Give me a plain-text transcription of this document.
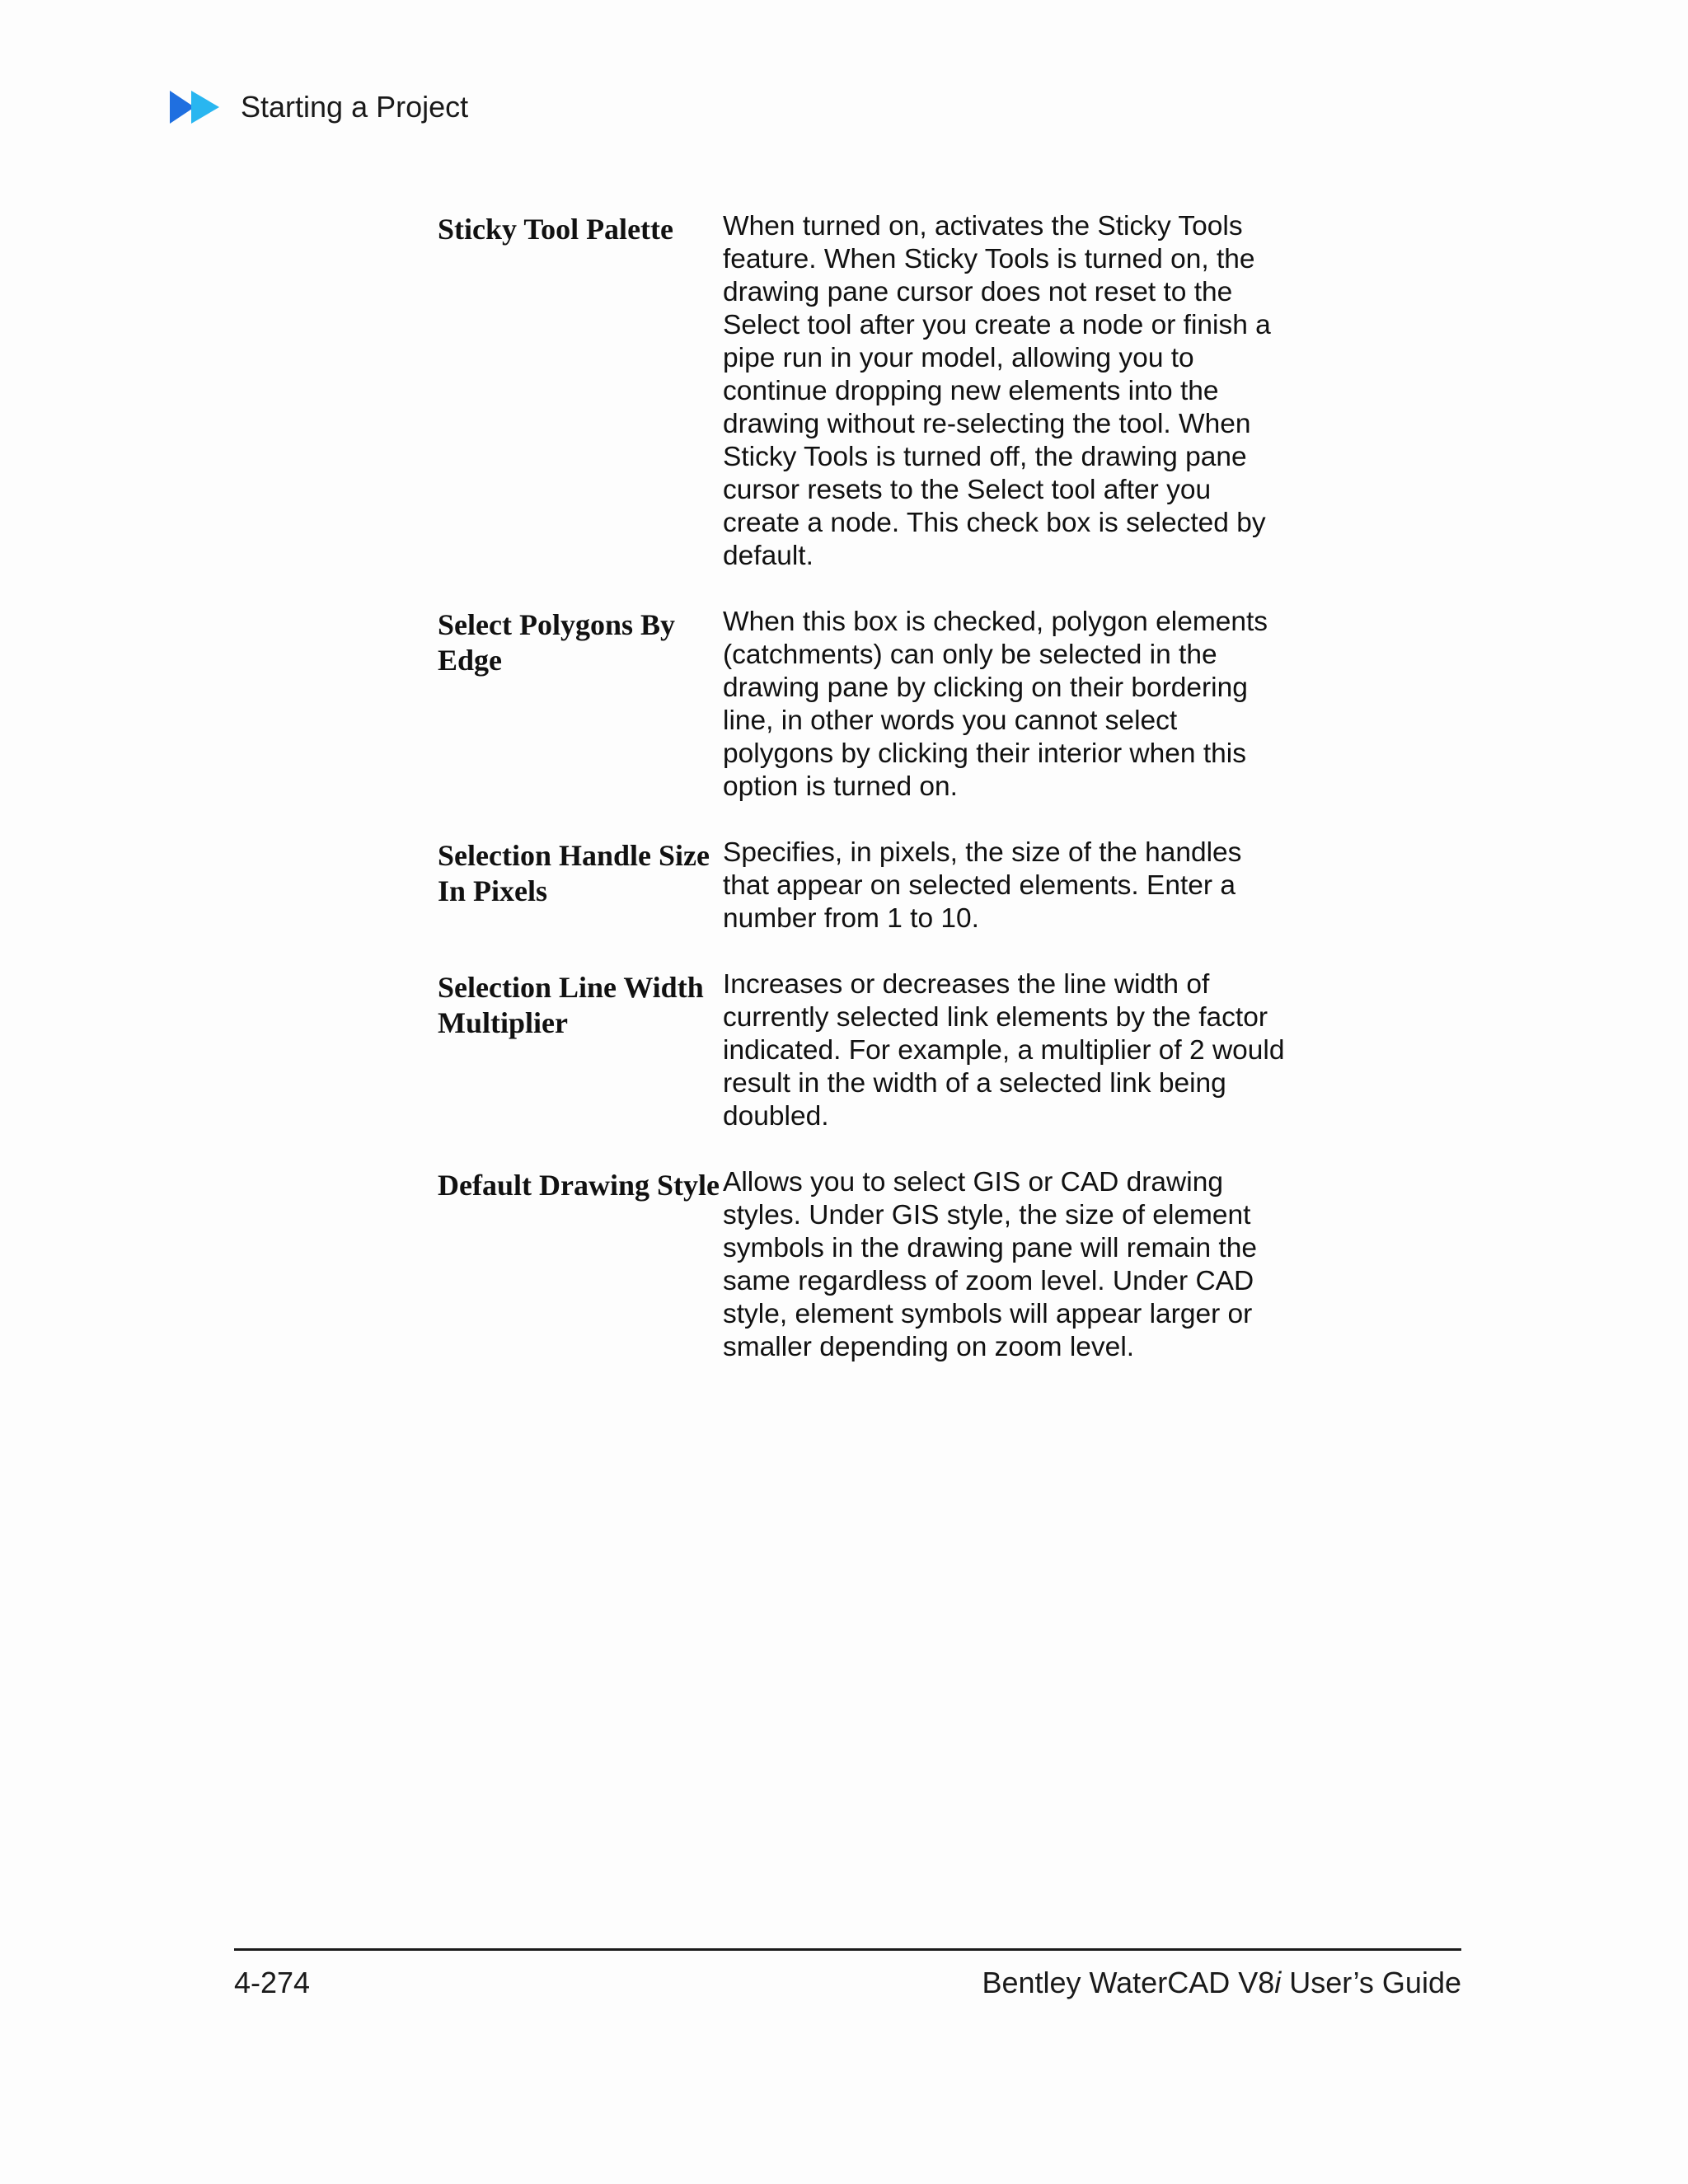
Starting a Project
Sticky Tool Palette	When turned on, activates the Sticky Tools feature. When Sticky Tools is turned on, the drawing pane cursor does not reset to the Select tool after you create a node or finish a pipe run in your model, allowing you to continue dropping new elements into the drawing without re-selecting the tool. When Sticky Tools is turned off, the drawing pane cursor resets to the Select tool after you create a node. This check box is selected by default.
Select Polygons By Edge
When this box is checked, polygon elements (catchments) can only be selected in the drawing pane by clicking on their bordering line, in other words you cannot select polygons by clicking their interior when this option is turned on.
Selection Handle Size In Pixels
Specifies, in pixels, the size of the handles that appear on selected elements. Enter a number from 1 to 10.
Selection Line Width Multiplier
Increases or decreases the line width of currently selected link elements by the factor indicated. For example, a multiplier of 2 would result in the width of a selected link being doubled.
Default Drawing Style Allows you to select GIS or CAD drawing styles. Under GIS style, the size of element symbols in the drawing pane will remain the same regardless of zoom level. Under CAD style, element symbols will appear larger or smaller depending on zoom level.
4-274	Bentley WaterCAD V8i User’s Guide
